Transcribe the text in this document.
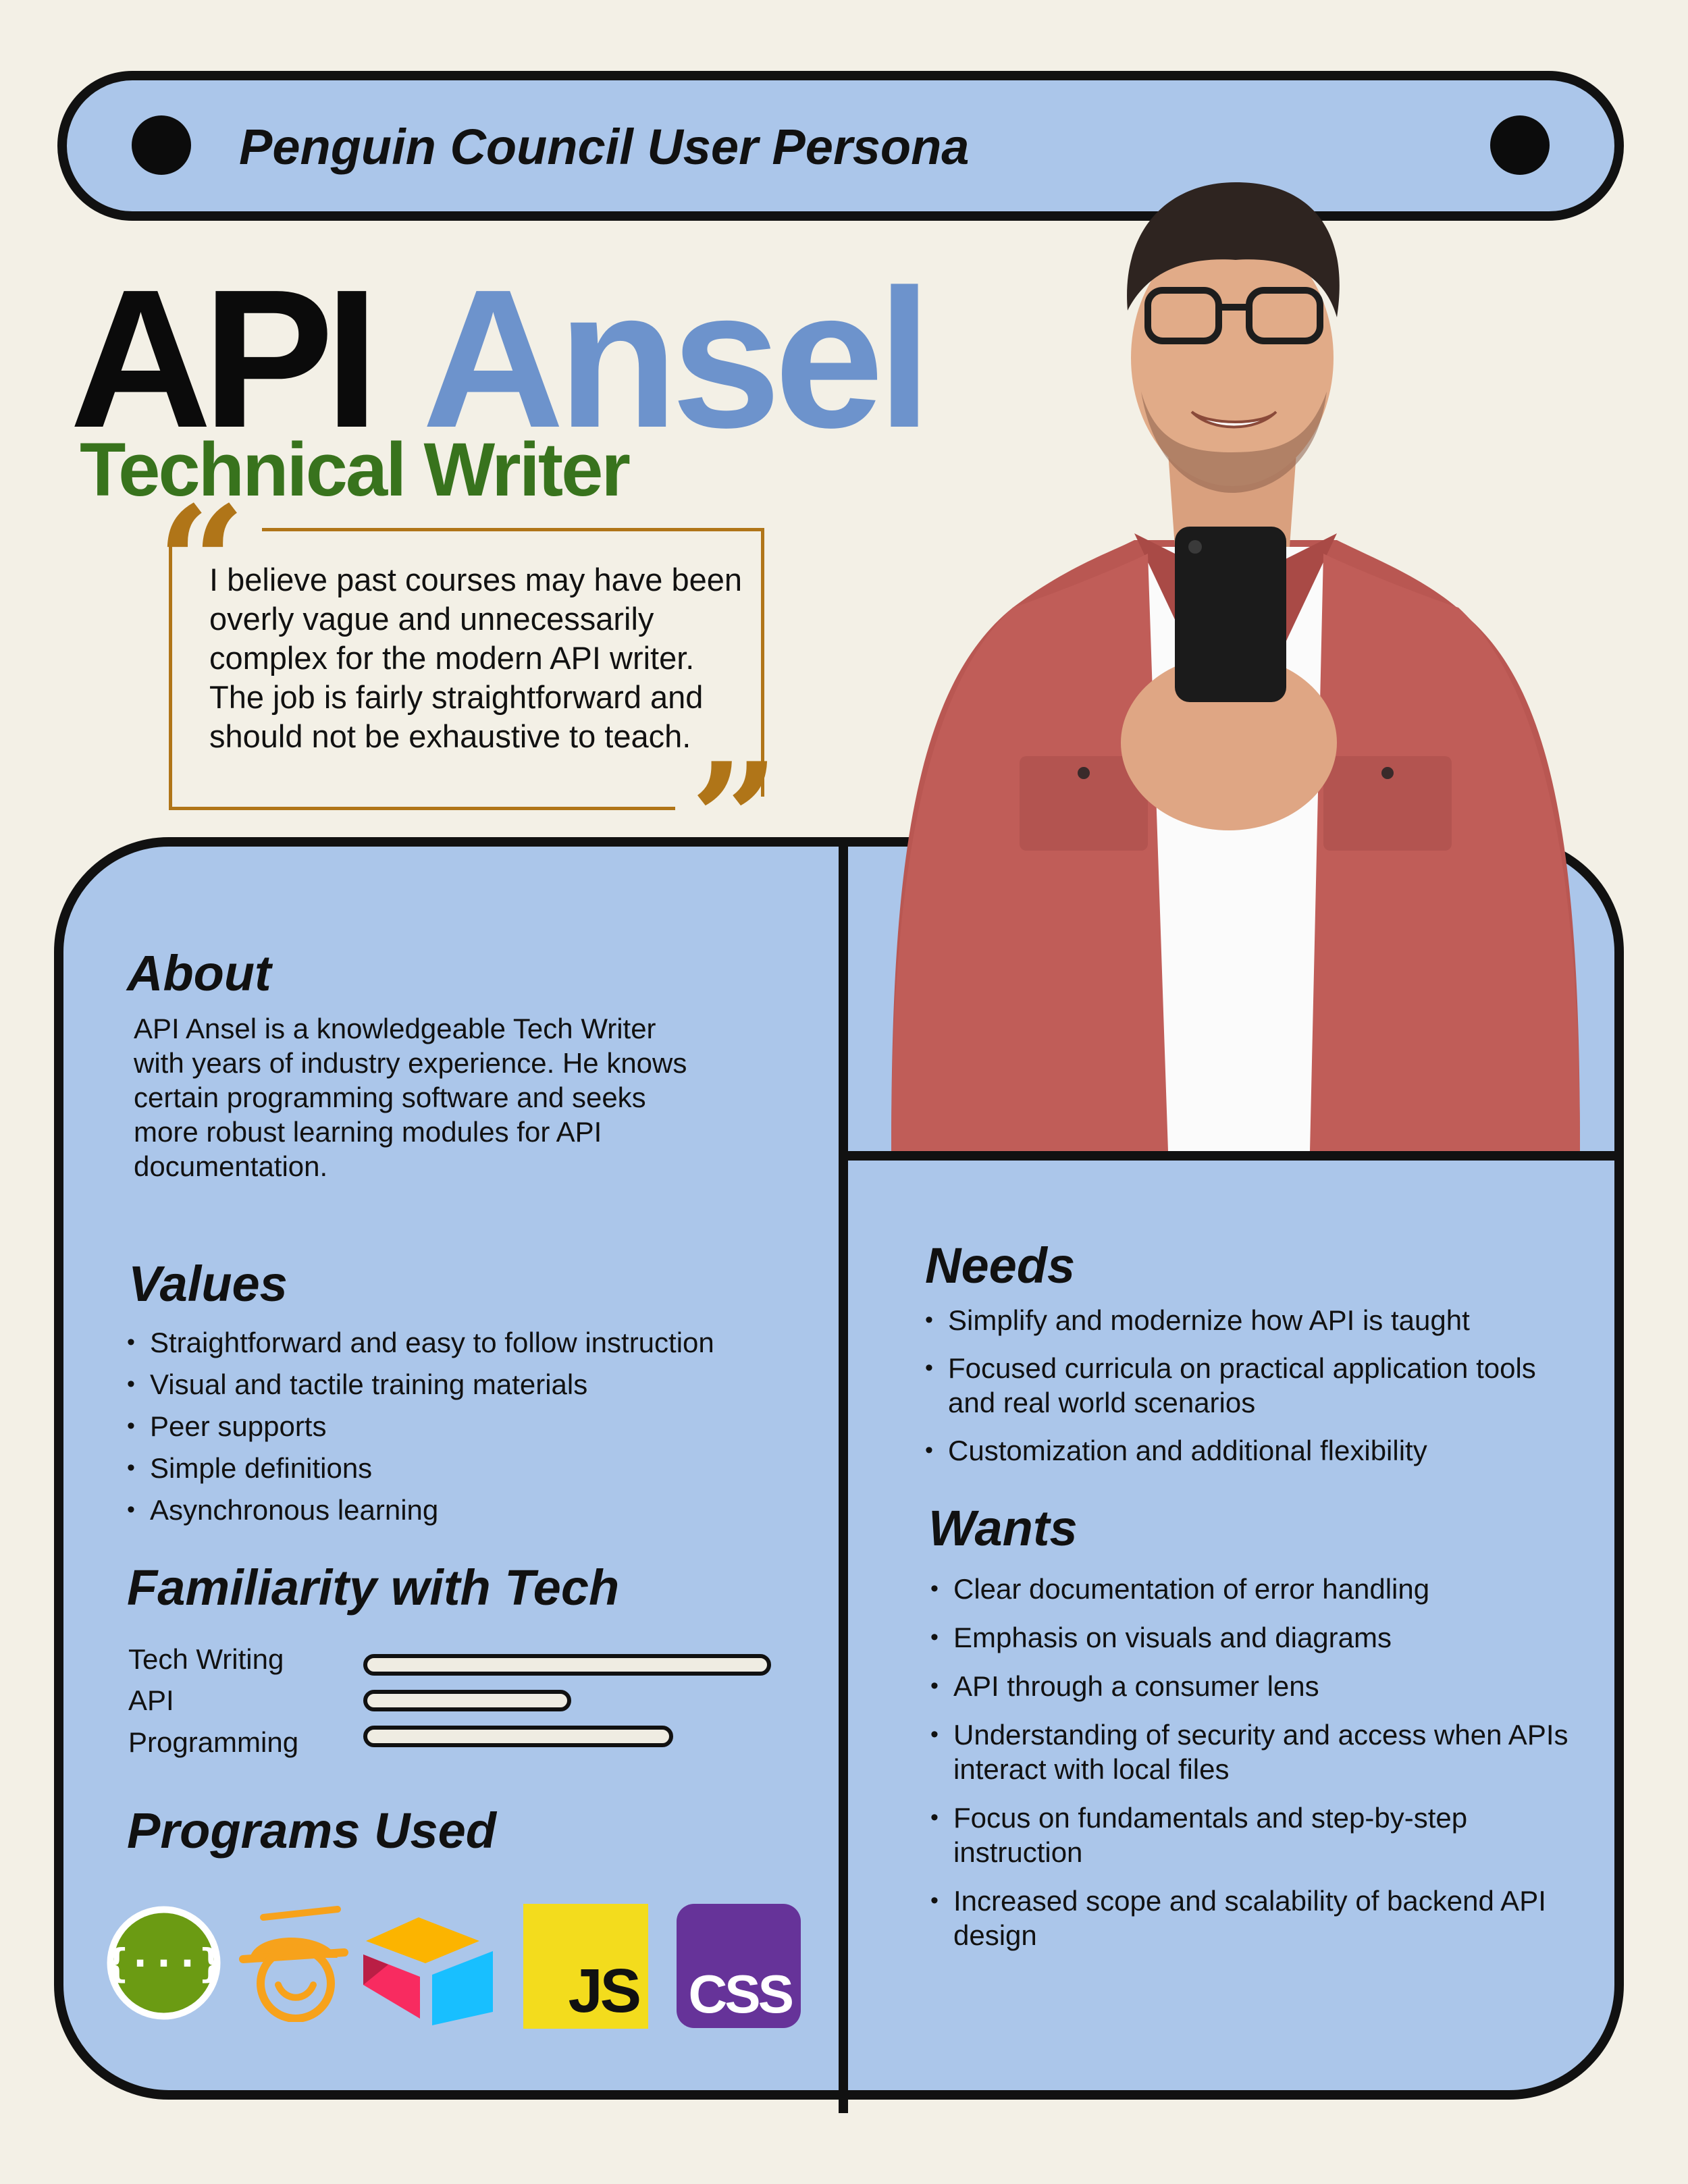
Penguin Council User Persona
API Ansel
Technical Writer
“
”
I believe past courses may have been overly vague and unnecessarily complex for the modern API writer. The job is fairly straightforward and should not be exhaustive to teach.
About
API Ansel is a knowledgeable Tech Writer with years of industry experience. He knows certain programming software and seeks more robust learning modules for API documentation.
Values
• Straightforward and easy to follow instruction
• Visual and tactile training materials
• Peer supports
• Simple definitions
• Asynchronous learning
Familiarity with Tech
Tech Writing
API
Programming
Programs Used
{···}	JS CSS
Needs
• Simplify and modernize how API is taught
• Focused curricula on practical application tools and real world scenarios
• Customization and additional flexibility
Wants
• Clear documentation of error handling
• Emphasis on visuals and diagrams
• API through a consumer lens
• Understanding of security and access when APIs interact with local files
• Focus on fundamentals and step-by-step instruction
• Increased scope and scalability of backend API design
